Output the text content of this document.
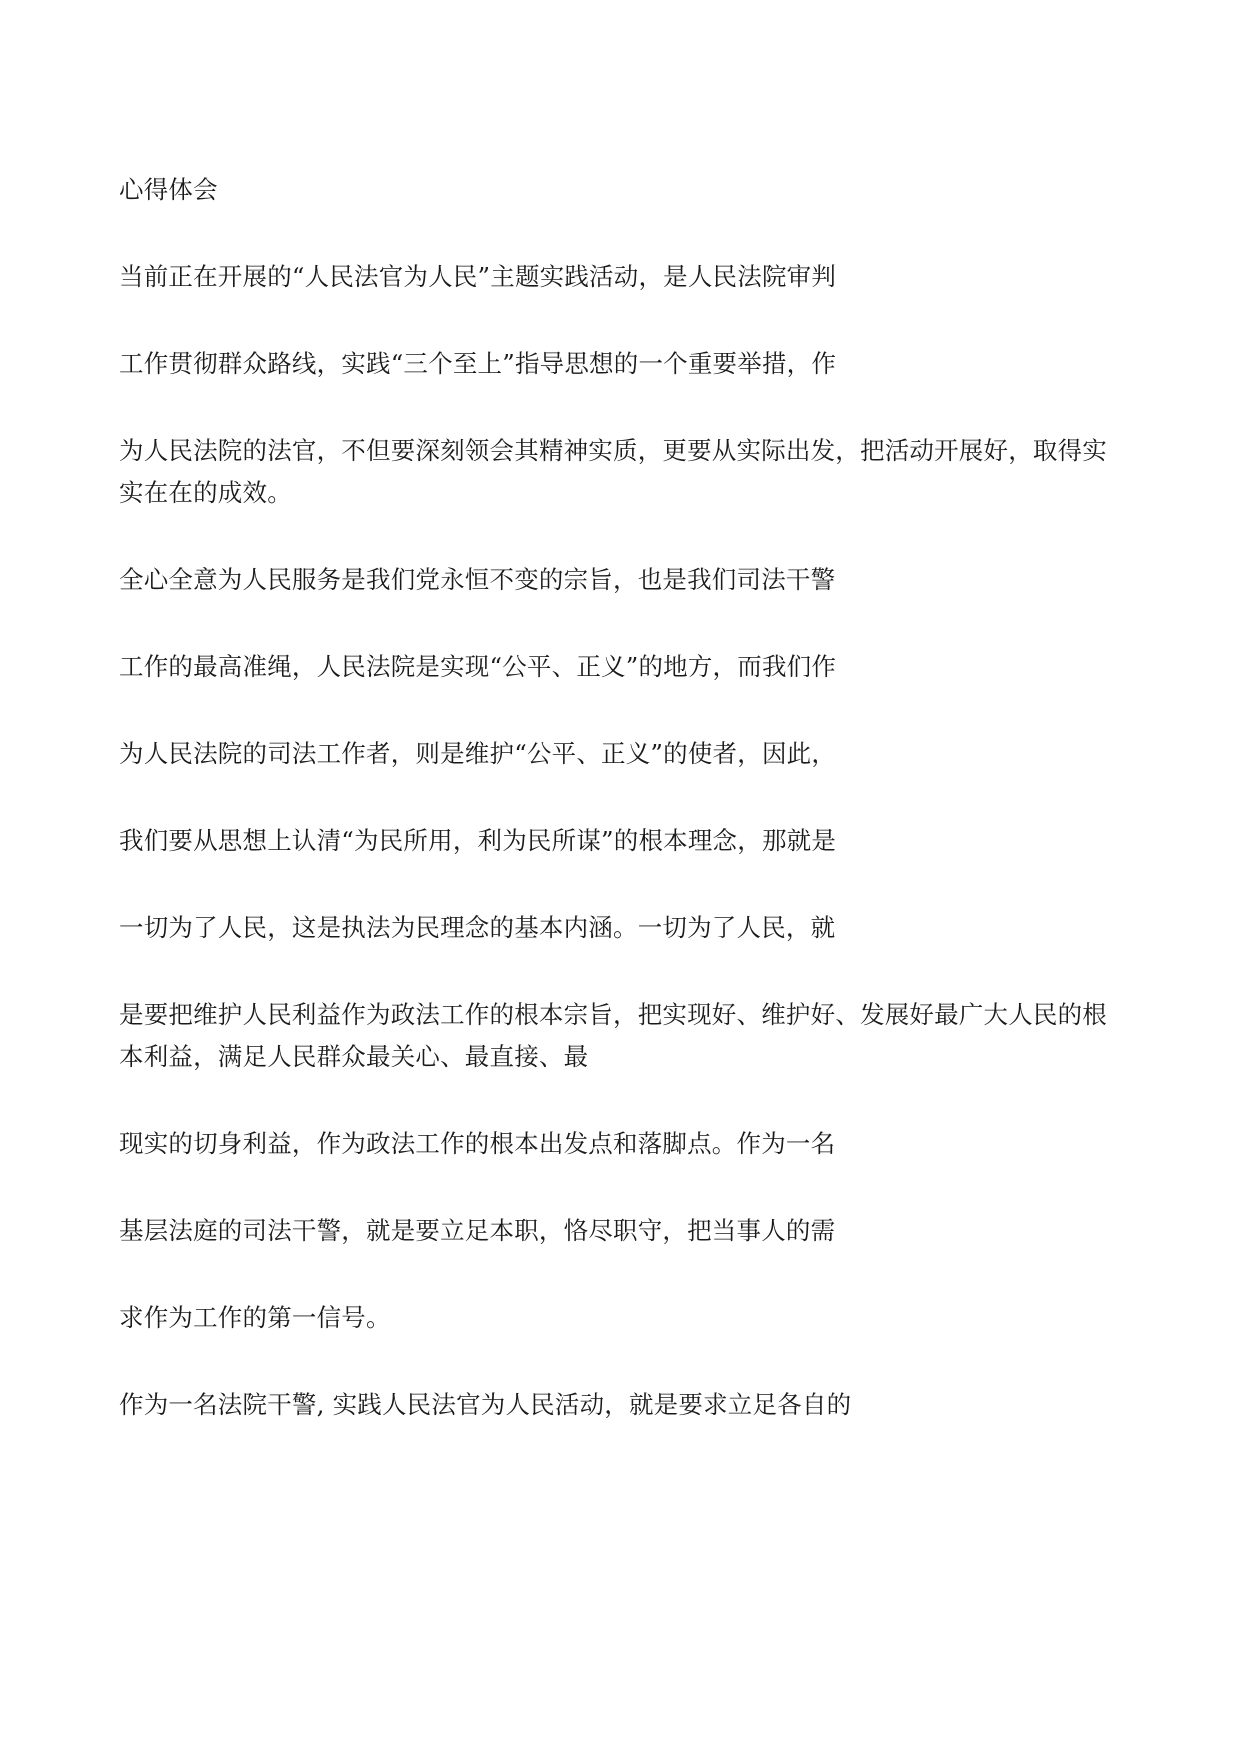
心得体会
当前正在开展的“人民法官为人民”主题实践活动，是人民法院审判
工作贯彻群众路线，实践“三个至上”指导思想的一个重要举措，作
为人民法院的法官，不但要深刻领会其精神实质，更要从实际出发，把活动开展好，取得实
实在在的成效。
全心全意为人民服务是我们党永恒不变的宗旨，也是我们司法干警
工作的最高准绳，人民法院是实现“公平、正义”的地方，而我们作
为人民法院的司法工作者，则是维护“公平、正义”的使者，因此，
我们要从思想上认清“为民所用，利为民所谋”的根本理念，那就是
一切为了人民，这是执法为民理念的基本内涵。一切为了人民，就
是要把维护人民利益作为政法工作的根本宗旨，把实现好、维护好、发展好最广大人民的根
本利益，满足人民群众最关心、最直接、最
现实的切身利益，作为政法工作的根本出发点和落脚点。作为一名
基层法庭的司法干警，就是要立足本职，恪尽职守，把当事人的需
求作为工作的第一信号。
作为一名法院干警, 实践人民法官为人民活动，就是要求立足各自的
